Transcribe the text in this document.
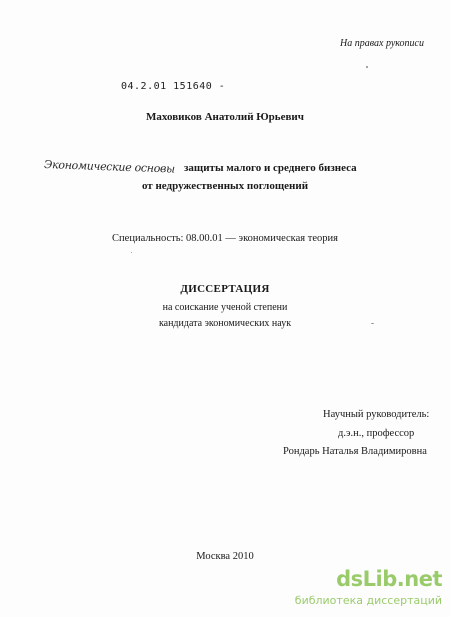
На правах рукописи
04.2.01 151640 -
Маховиков Анатолий Юрьевич
Экономические основы защиты малого и среднего бизнеса
от недружественных поглощений
Специальность: 08.00.01 — экономическая теория
ДИССЕРТАЦИЯ
на соискание ученой степени
кандидата экономических наук
Научный руководитель:
д.э.н., профессор
Рондарь Наталья Владимировна
Москва 2010
dsLib.net
библиотека диссертаций
